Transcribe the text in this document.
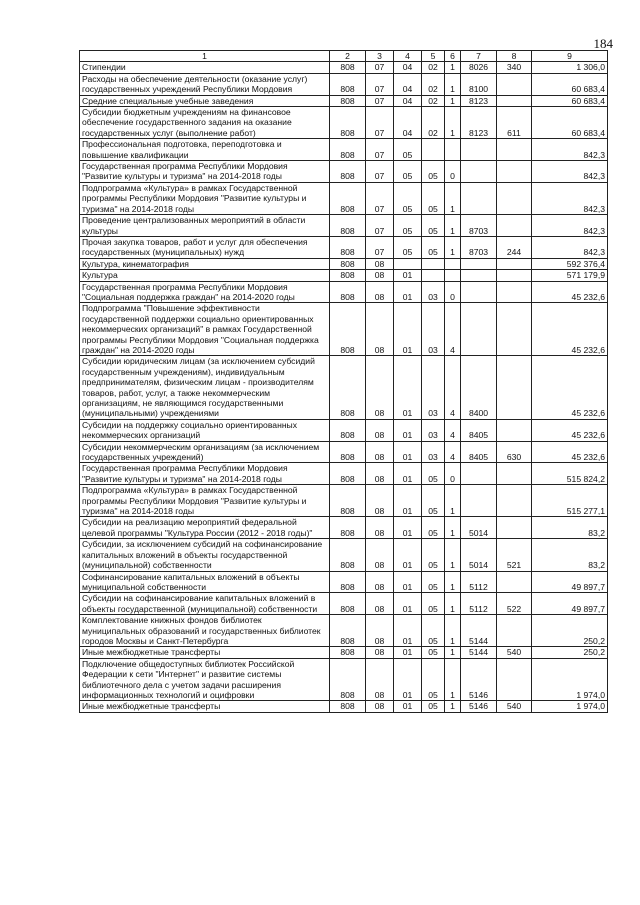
184
1	2	3	4	5	6	7	8	9
Стипендии	808	07	04	02	1	8026	340	1 306,0
Расходы на обеспечение деятельности (оказание услуг) государственных учреждений Республики Мордовия	808	07	04	02	1	8100		60 683,4
Средние специальные учебные заведения	808	07	04	02	1	8123		60 683,4
Субсидии бюджетным учреждениям на финансовое обеспечение государственного задания на оказание государственных услуг (выполнение работ)	808	07	04	02	1	8123	611	60 683,4
Профессиональная подготовка, переподготовка и повышение квалификации	808	07	05					842,3
Государственная программа Республики Мордовия "Развитие культуры и туризма" на 2014-2018 годы	808	07	05	05	0			842,3
Подпрограмма «Культура» в рамках Государственной программы Республики Мордовия "Развитие культуры и туризма" на 2014-2018 годы	808	07	05	05	1			842,3
Проведение централизованных мероприятий в области культуры	808	07	05	05	1	8703		842,3
Прочая закупка товаров, работ и услуг для обеспечения государственных (муниципальных) нужд	808	07	05	05	1	8703	244	842,3
Культура, кинематография	808	08						592 376,4
Культура	808	08	01					571 179,9
Государственная программа Республики Мордовия "Социальная поддержка граждан" на 2014-2020 годы	808	08	01	03	0			45 232,6
Подпрограмма "Повышение эффективности государственной поддержки социально ориентированных некоммерческих организаций" в рамках Государственной программы Республики Мордовия "Социальная поддержка граждан" на 2014-2020 годы	808	08	01	03	4			45 232,6
Субсидии юридическим лицам (за исключением субсидий государственным учреждениям), индивидуальным предпринимателям, физическим лицам - производителям товаров, работ, услуг, а также некоммерческим организациям, не являющимся государственными (муниципальными) учреждениями	808	08	01	03	4	8400		45 232,6
Субсидии на поддержку социально ориентированных некоммерческих организаций	808	08	01	03	4	8405		45 232,6
Субсидии некоммерческим организациям (за исключением государственных учреждений)	808	08	01	03	4	8405	630	45 232,6
Государственная программа Республики Мордовия "Развитие культуры и туризма" на 2014-2018 годы	808	08	01	05	0			515 824,2
Подпрограмма «Культура» в рамках Государственной программы Республики Мордовия "Развитие культуры и туризма" на 2014-2018 годы	808	08	01	05	1			515 277,1
Субсидии на реализацию мероприятий федеральной целевой программы "Культура России (2012 - 2018 годы)"	808	08	01	05	1	5014		83,2
Субсидии, за исключением субсидий на софинансирование капитальных вложений в объекты государственной (муниципальной) собственности	808	08	01	05	1	5014	521	83,2
Софинансирование капитальных вложений в объекты муниципальной собственности	808	08	01	05	1	5112		49 897,7
Субсидии на софинансирование капитальных вложений в объекты государственной (муниципальной) собственности	808	08	01	05	1	5112	522	49 897,7
Комплектование книжных фондов библиотек муниципальных образований и государственных библиотек городов Москвы и Санкт-Петербурга	808	08	01	05	1	5144		250,2
Иные межбюджетные трансферты	808	08	01	05	1	5144	540	250,2
Подключение общедоступных библиотек Российской Федерации к сети "Интернет" и развитие системы библиотечного дела с учетом задачи расширения информационных технологий и оцифровки	808	08	01	05	1	5146		1 974,0
Иные межбюджетные трансферты	808	08	01	05	1	5146	540	1 974,0
